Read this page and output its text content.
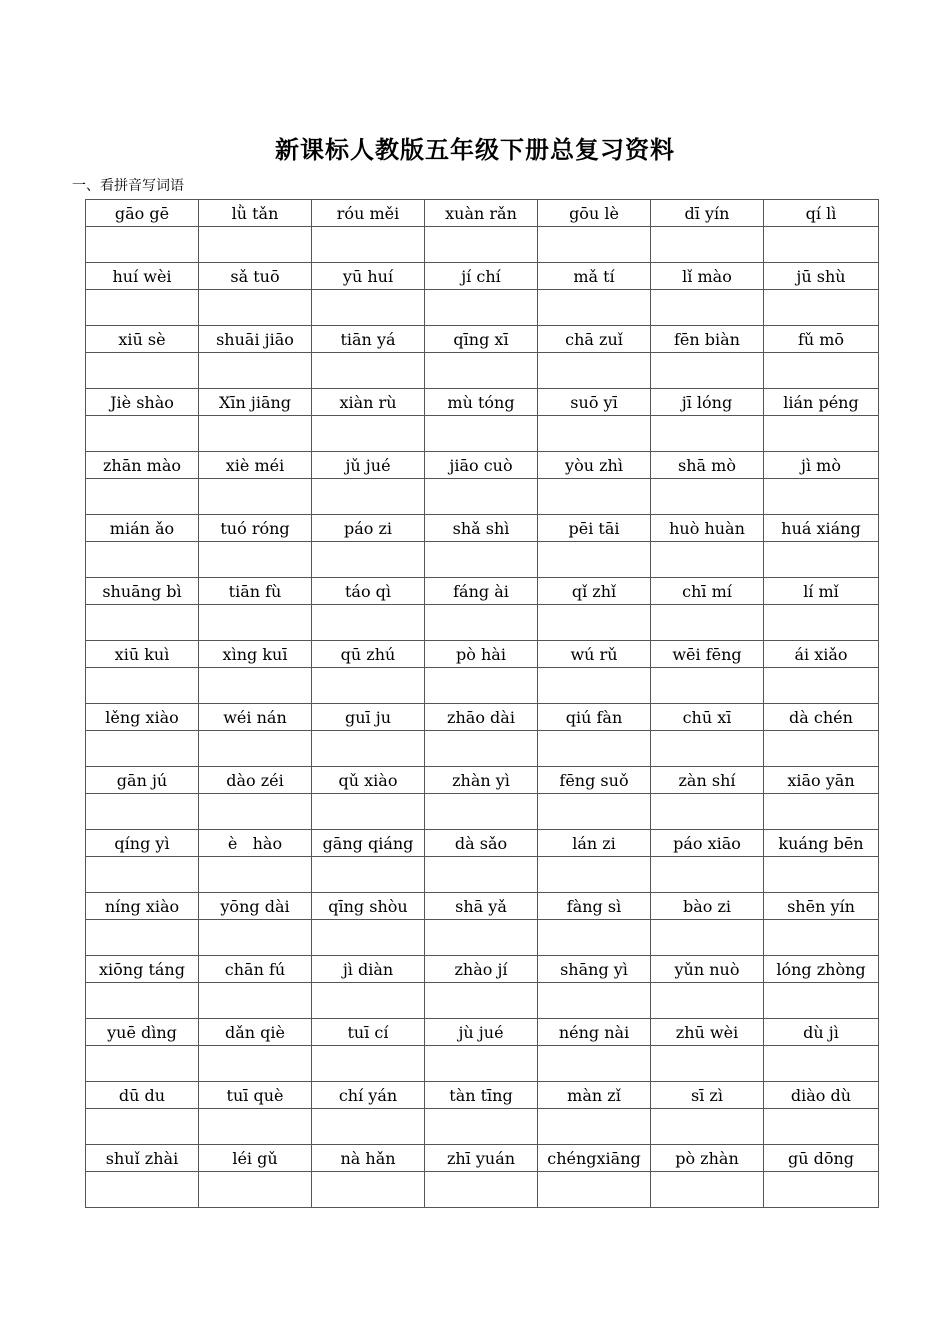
新课标人教版五年级下册总复习资料
一、看拼音写词语
gāo gē	lǜ tǎn	róu měi	xuàn rǎn	gōu lè	dī yín	qí lì

huí wèi	sǎ tuō	yū huí	jí chí	mǎ tí	lǐ mào	jū shù

xiū sè	shuāi jiāo	tiān yá	qīng xī	chā zuǐ	fēn biàn	fǔ mō

Jiè shào	Xīn jiāng	xiàn rù	mù tóng	suō yī	jī lóng	lián péng

zhān mào	xiè méi	jǔ jué	jiāo cuò	yòu zhì	shā mò	jì mò

mián ǎo	tuó róng	páo zi	shǎ shì	pēi tāi	huò huàn	huá xiáng

shuāng bì	tiān fù	táo qì	fáng ài	qǐ zhǐ	chī mí	lí mǐ

xiū kuì	xìng kuī	qū zhú	pò hài	wú rǔ	wēi fēng	ái xiǎo

lěng xiào	wéi nán	guī ju	zhāo dài	qiú fàn	chū xī	dà chén

gān jú	dào zéi	qǔ xiào	zhàn yì	fēng suǒ	zàn shí	xiāo yān

qíng yì	è   hào	gāng qiáng	dà sǎo	lán zi	páo xiāo	kuáng bēn

níng xiào	yōng dài	qīng shòu	shā yǎ	fàng sì	bào zi	shēn yín

xiōng táng	chān fú	jì diàn	zhào jí	shāng yì	yǔn nuò	lóng zhòng

yuē dìng	dǎn qiè	tuī cí	jù jué	néng nài	zhū wèi	dù jì

dū du	tuī què	chí yán	tàn tīng	màn zǐ	sī zì	diào dù

shuǐ zhài	léi gǔ	nà hǎn	zhī yuán	chéngxiāng	pò zhàn	gū dōng
